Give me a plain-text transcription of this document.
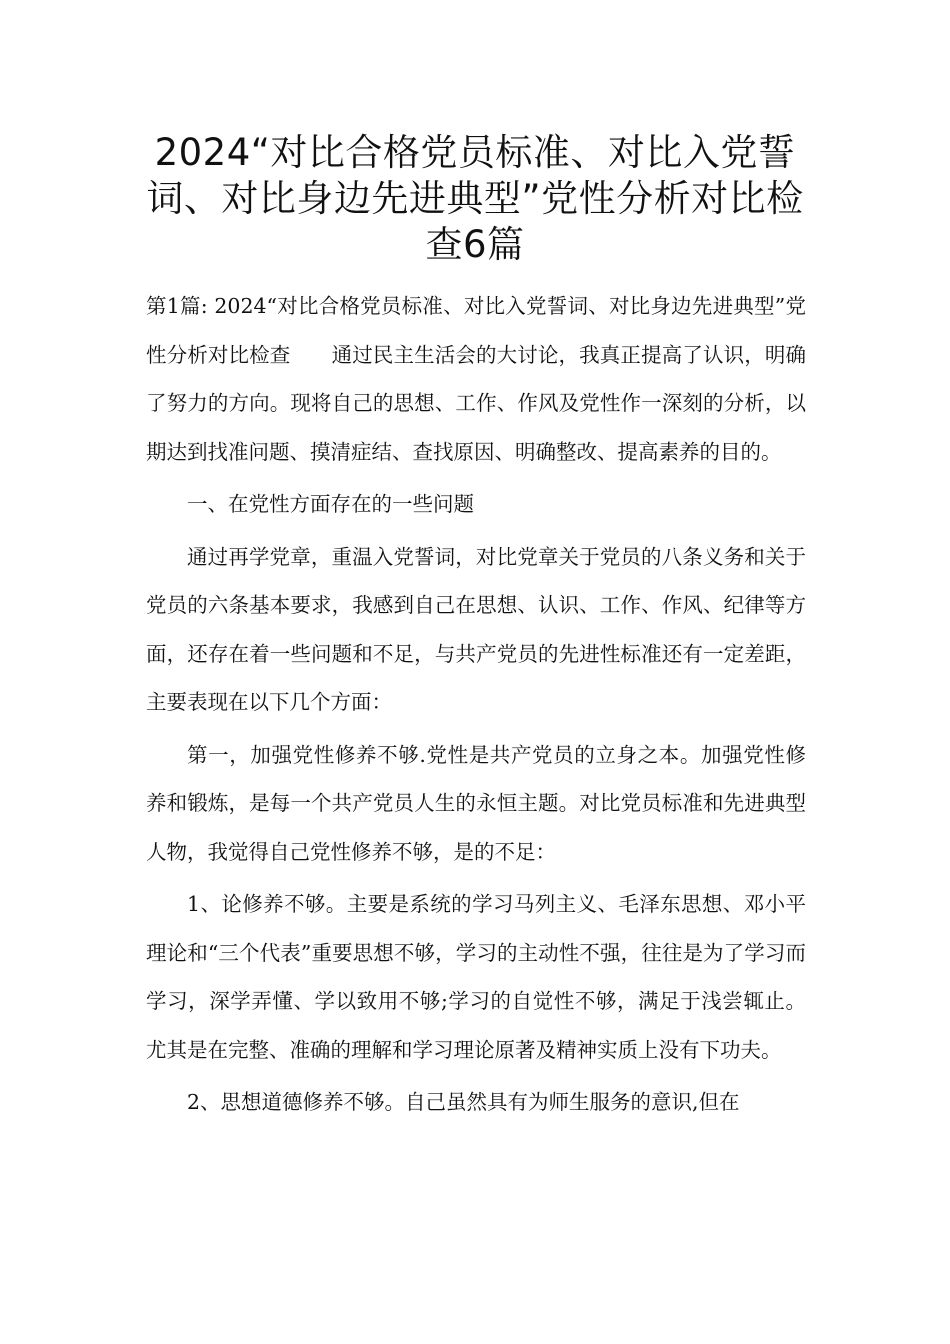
2024“对比合格党员标准、对比入党誓词、对比身边先进典型”党性分析对比检查6篇

第1篇: 2024“对比合格党员标准、对比入党誓词、对比身边先进典型”党性分析对比检查 通过民主生活会的大讨论，我真正提高了认识，明确了努力的方向。现将自己的思想、工作、作风及党性作一深刻的分析，以期达到找准问题、摸清症结、查找原因、明确整改、提高素养的目的。

一、在党性方面存在的一些问题

通过再学党章，重温入党誓词，对比党章关于党员的八条义务和关于党员的六条基本要求，我感到自己在思想、认识、工作、作风、纪律等方面，还存在着一些问题和不足，与共产党员的先进性标准还有一定差距，主要表现在以下几个方面：

第一，加强党性修养不够.党性是共产党员的立身之本。加强党性修养和锻炼，是每一个共产党员人生的永恒主题。对比党员标准和先进典型人物，我觉得自己党性修养不够，是的不足：

1、论修养不够。主要是系统的学习马列主义、毛泽东思想、邓小平理论和“三个代表”重要思想不够，学习的主动性不强，往往是为了学习而学习，深学弄懂、学以致用不够;学习的自觉性不够，满足于浅尝辄止。尤其是在完整、准确的理解和学习理论原著及精神实质上没有下功夫。

2、思想道德修养不够。自己虽然具有为师生服务的意识,但在
